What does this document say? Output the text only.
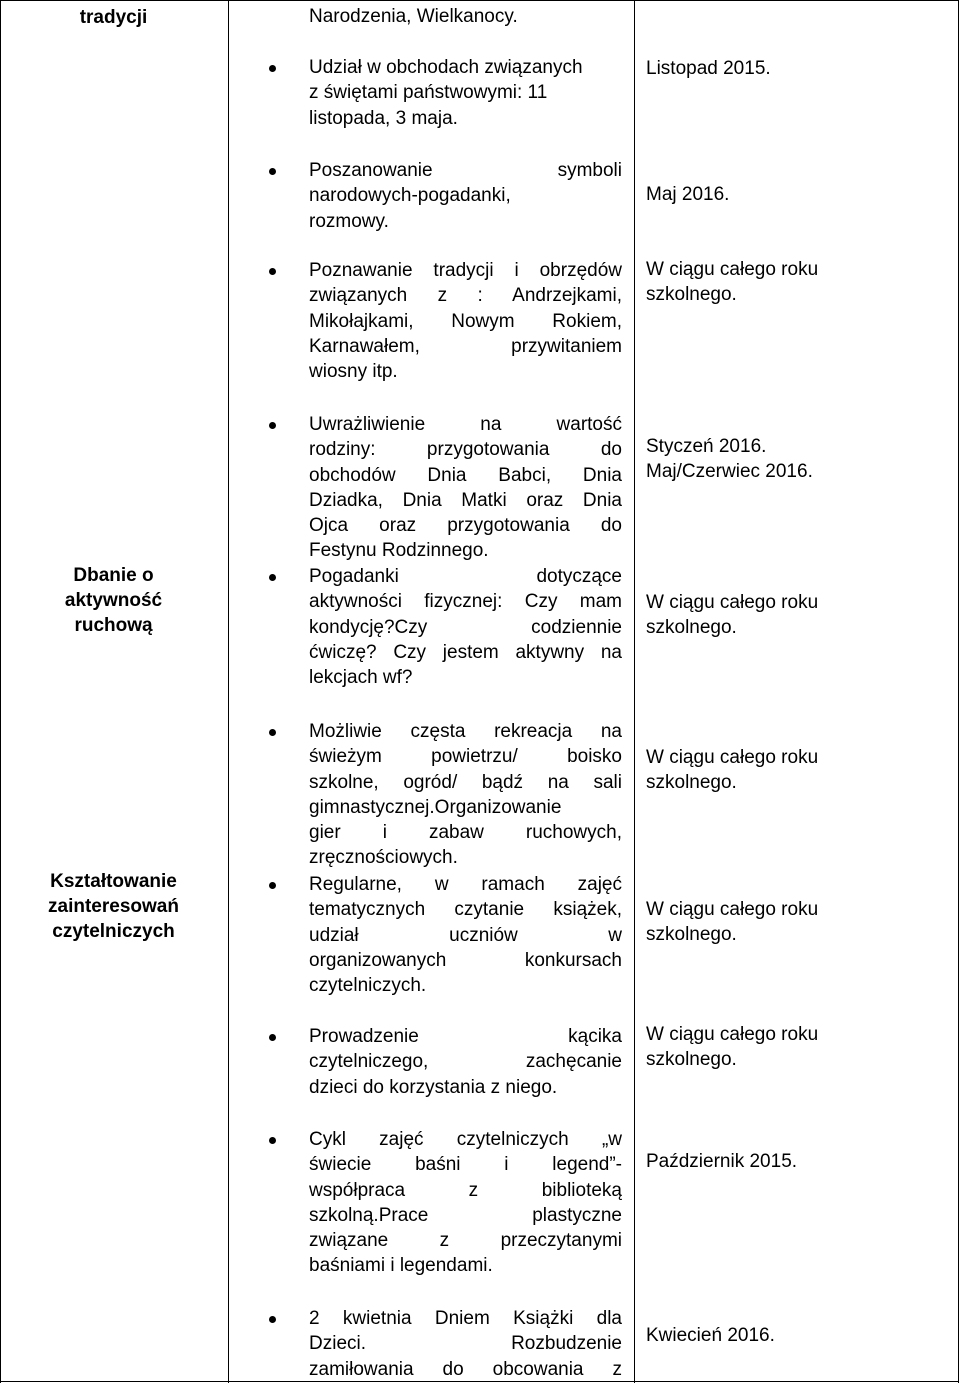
tradycji
Dbanie o
aktywność
ruchową
Kształtowanie
zainteresowań
czytelniczych
Narodzenia, Wielkanocy.
Udział w obchodach związanych
z świętami państwowymi: 11
listopada, 3 maja.
Poszanowanie symboli
narodowych-pogadanki,
rozmowy.
Poznawanie tradycji i obrzędów
związanych z : Andrzejkami,
Mikołajkami, Nowym Rokiem,
Karnawałem, przywitaniem
wiosny itp.
Uwrażliwienie na wartość
rodziny: przygotowania do
obchodów Dnia Babci, Dnia
Dziadka, Dnia Matki oraz Dnia
Ojca oraz przygotowania do
Festynu Rodzinnego.
Pogadanki dotyczące
aktywności fizycznej: Czy mam
kondycję?Czy codziennie
ćwiczę? Czy jestem aktywny na
lekcjach wf?
Możliwie częsta rekreacja na
świeżym powietrzu/ boisko
szkolne, ogród/ bądź na sali
gimnastycznej.Organizowanie
gier i zabaw ruchowych,
zręcznościowych.
Regularne, w ramach zajęć
tematycznych czytanie książek,
udział uczniów w
organizowanych konkursach
czytelniczych.
Prowadzenie kącika
czytelniczego, zachęcanie
dzieci do korzystania z niego.
Cykl zajęć czytelniczych „w
świecie baśni i legend”-
współpraca z biblioteką
szkolną.Prace plastyczne
związane z przeczytanymi
baśniami i legendami.
2 kwietnia Dniem Książki dla
Dzieci. Rozbudzenie
zamiłowania do obcowania z
Listopad 2015.
Maj 2016.
W ciągu całego roku
szkolnego.
Styczeń 2016.
Maj/Czerwiec 2016.
W ciągu całego roku
szkolnego.
W ciągu całego roku
szkolnego.
W ciągu całego roku
szkolnego.
W ciągu całego roku
szkolnego.
Październik 2015.
Kwiecień 2016.
